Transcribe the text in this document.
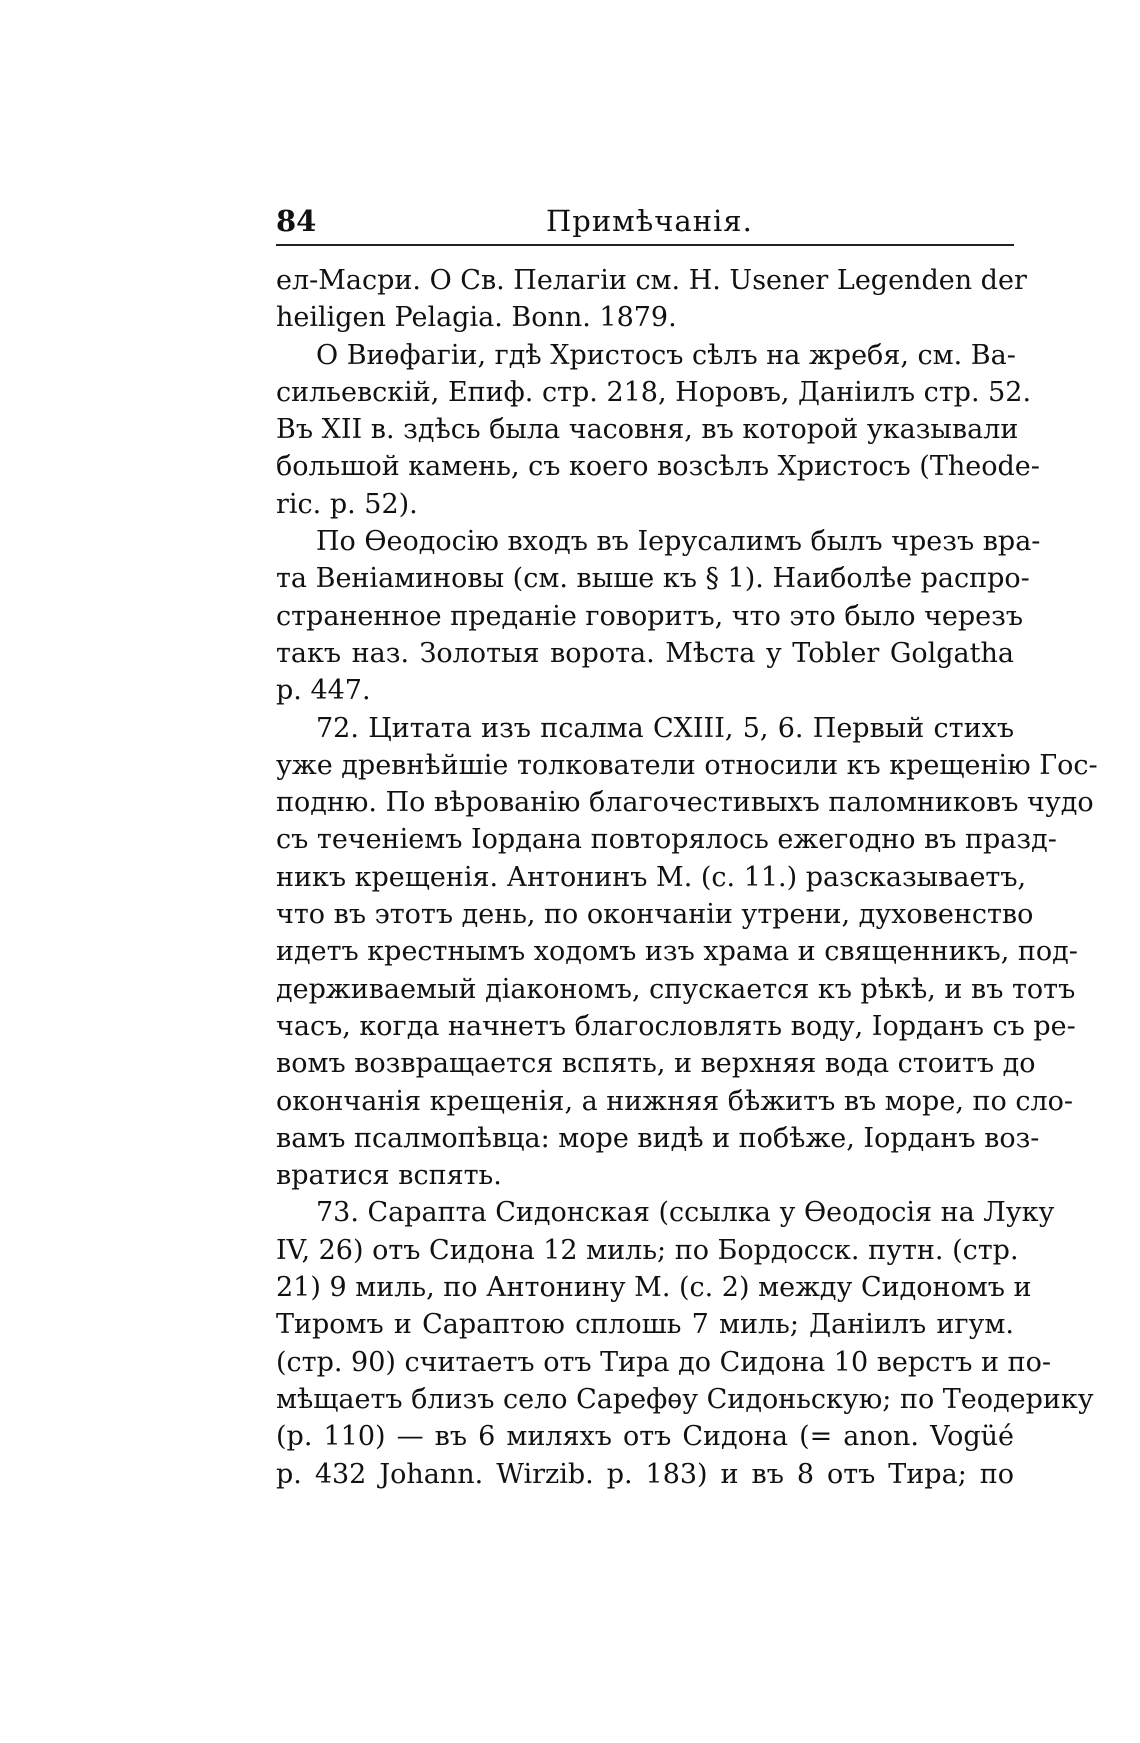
84	Примѣчанія.
ел-Масри. О Св. Пелагіи см. H. Usener Legenden der
heiligen Pelagia. Bonn. 1879.
О Виѳфагіи, гдѣ Христосъ сѣлъ на жребя, см. Ва-
сильевскій, Епиф. стр. 218, Норовъ, Даніилъ стр. 52.
Въ XII в. здѣсь была часовня, въ которой указывали
большой камень, съ коего возсѣлъ Христосъ (Theode-
ric. p. 52).
По Ѳеодосію входъ въ Іерусалимъ былъ чрезъ вра-
та Веніаминовы (см. выше къ § 1). Наиболѣе распро-
страненное преданіе говоритъ, что это было черезъ
такъ наз. Золотыя ворота. Мѣста у Tobler Golgatha
p. 447.
72. Цитата изъ псалма CXIII, 5, 6. Первый стихъ
уже древнѣйшіе толкователи относили къ крещенію Гос-
подню. По вѣрованію благочестивыхъ паломниковъ чудо
съ теченіемъ Іордана повторялось ежегодно въ празд-
никъ крещенія. Антонинъ М. (с. 11.) разсказываетъ,
что въ этотъ день, по окончаніи утрени, духовенство
идетъ крестнымъ ходомъ изъ храма и священникъ, под-
держиваемый діакономъ, спускается къ рѣкѣ, и въ тотъ
часъ, когда начнетъ благословлять воду, Іорданъ съ ре-
вомъ возвращается вспять, и верхняя вода стоитъ до
окончанія крещенія, а нижняя бѣжитъ въ море, по сло-
вамъ псалмопѣвца: море видѣ и побѣже, Іорданъ воз-
вратися вспять.
73. Сарапта Сидонская (ссылка у Ѳеодосія на Луку
IV, 26) отъ Сидона 12 миль; по Бордосск. путн. (стр.
21) 9 миль, по Антонину М. (с. 2) между Сидономъ и
Тиромъ и Сараптою сплошь 7 миль; Даніилъ игум.
(стр. 90) считаетъ отъ Тира до Сидона 10 верстъ и по-
мѣщаетъ близъ село Сарефѳу Сидоньскую; по Теодерику
(p. 110) — въ 6 миляхъ отъ Сидона (= anon. Vogüé
p. 432 Johann. Wirzib. p. 183) и въ 8 отъ Тира; по
